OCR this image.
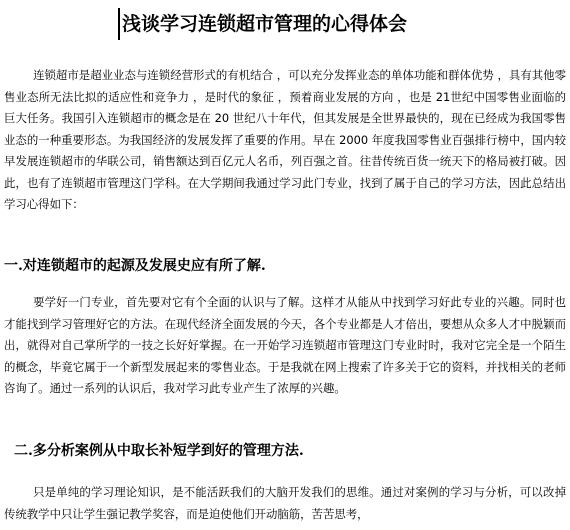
浅谈学习连锁超市管理的心得体会

连锁超市是超业业态与连锁经营形式的有机结合 ，可以充分发挥业态的单体功能和群体优势 ，具有其他零售业态所无法比拟的适应性和竞争力 ，是时代的象征 ，预着商业发展的方向 ，也是 21世纪中国零售业面临的巨大任务。我国引入连锁超市的概念是在 20 世纪八十年代，但其发展是全世界最快的，现在已经成为我国零售业态的一种重要形态。为我国经济的发展发挥了重要的作用。早在 2000 年度我国零售业百强排行榜中，国内较早发展连锁超市的华联公司，销售额达到百亿元人名币，列百强之首。往昔传统百货一统天下的格局被打破。因此，也有了连锁超市管理这门学科。在大学期间我通过学习此门专业，找到了属于自己的学习方法，因此总结出学习心得如下：

一.对连锁超市的起源及发展史应有所了解.

要学好一门专业，首先要对它有个全面的认识与了解。这样才从能从中找到学习好此专业的兴趣。同时也才能找到学习管理好它的方法。在现代经济全面发展的今天，各个专业都是人才倍出，要想从众多人才中脱颖而出，就得对自己掌所学的一技之长好好掌握。在一开始学习连锁超市管理这门专业时时，我对它完全是一个陌生的概念，毕竟它属于一个新型发展起来的零售业态。于是我就在网上搜索了许多关于它的资料，并找相关的老师咨询了。通过一系列的认识后，我对学习此专业产生了浓厚的兴趣。

二.多分析案例从中取长补短学到好的管理方法.

只是单纯的学习理论知识，是不能活跃我们的大脑开发我们的思维。通过对案例的学习与分析，可以改掉传统教学中只让学生强记教学奖容，而是迫使他们开动脑筋，苦苦思考，
